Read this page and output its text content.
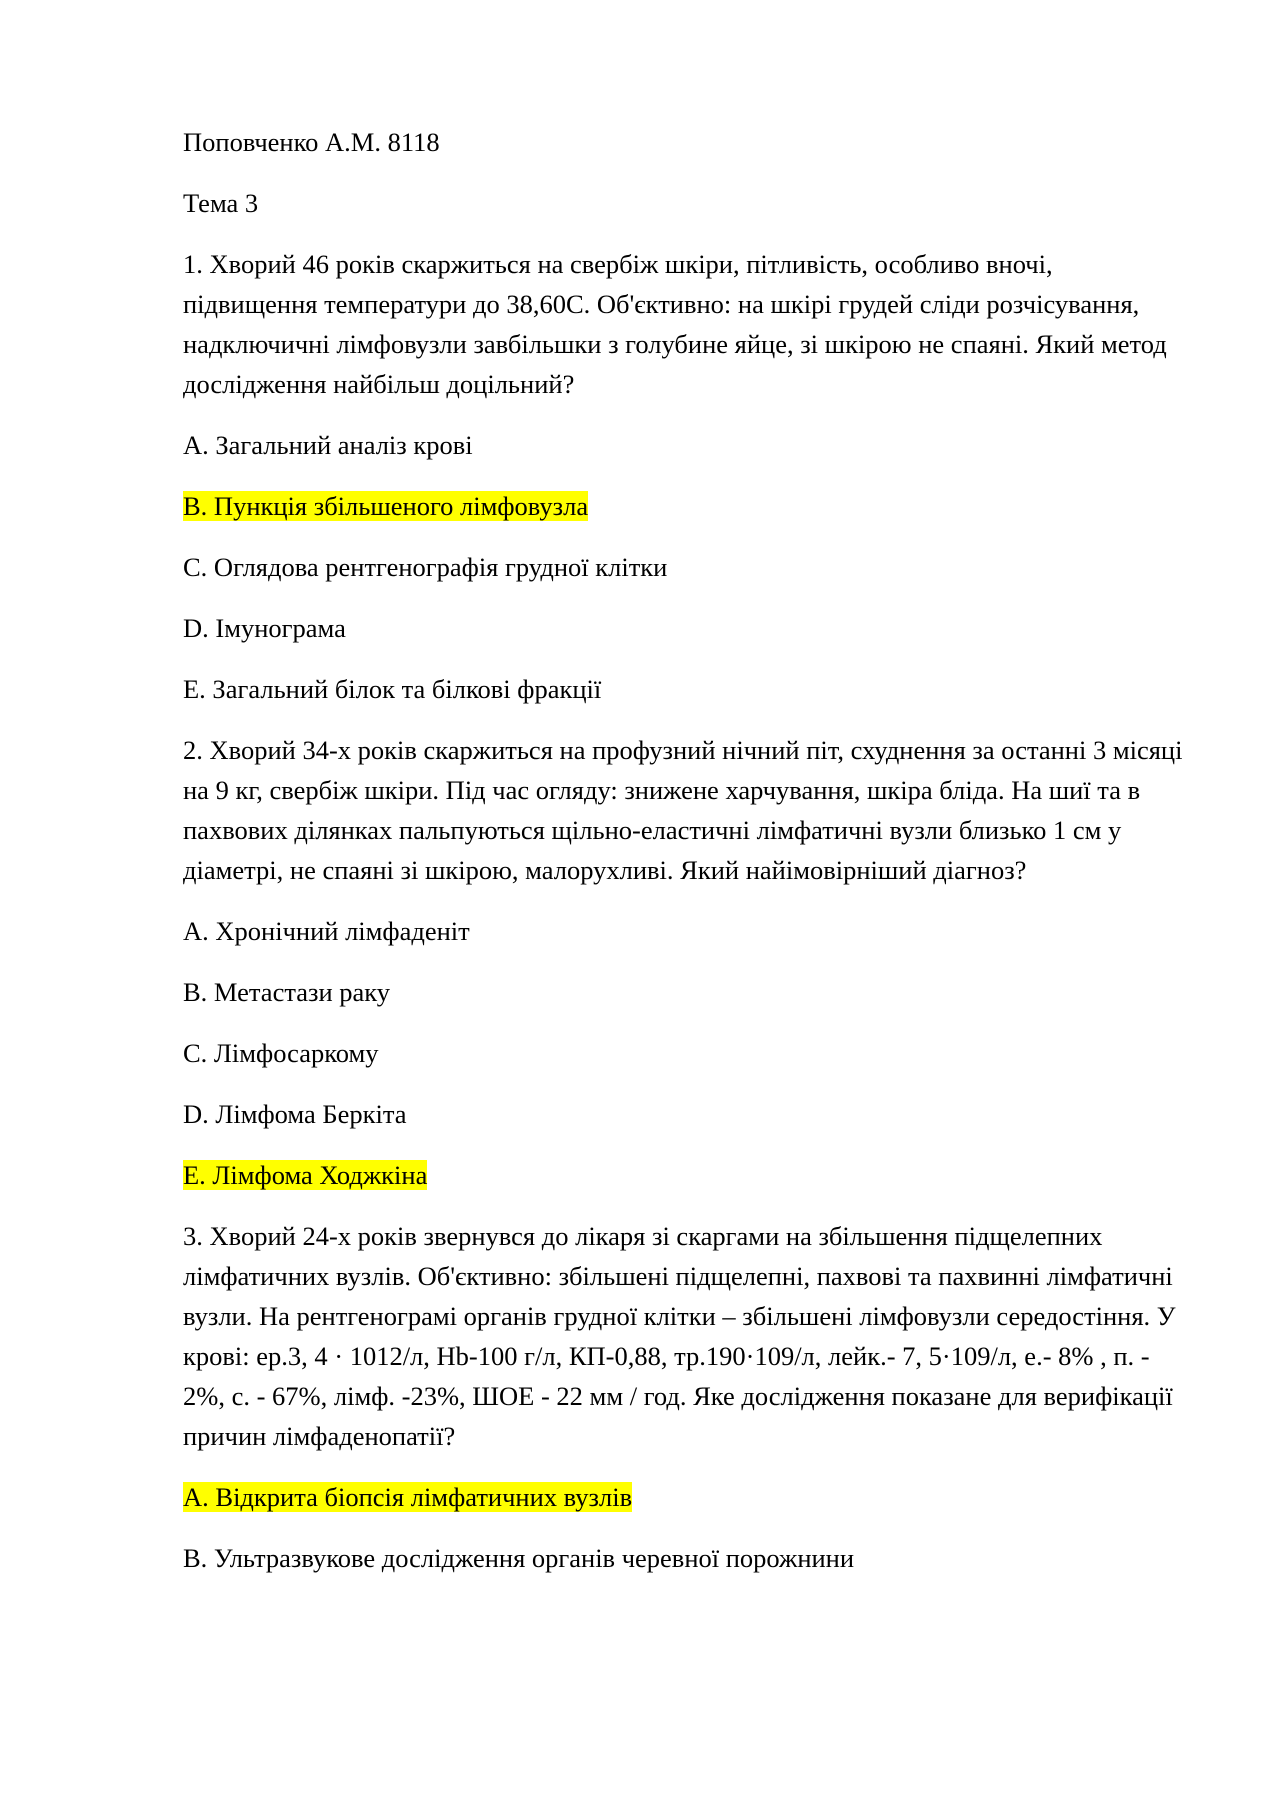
Поповченко А.М. 8118

Тема 3

1. Хворий 46 років скаржиться на свербіж шкіри, пітливість, особливо вночі, підвищення температури до 38,60С. Об'єктивно: на шкірі грудей сліди розчісування, надключичні лімфовузли завбільшки з голубине яйце, зі шкірою не спаяні. Який метод дослідження найбільш доцільний?

А. Загальний аналіз крові

В. Пункція збільшеного лімфовузла

С. Оглядова рентгенографія грудної клітки

D. Імунограма

Е. Загальний білок та білкові фракції

2. Хворий 34-х років скаржиться на профузний нічний піт, схуднення за останні 3 місяці на 9 кг, свербіж шкіри. Під час огляду: знижене харчування, шкіра бліда. На шиї та в пахвових ділянках пальпуються щільно-еластичні лімфатичні вузли близько 1 см у діаметрі, не спаяні зі шкірою, малорухливі. Який найімовірніший діагноз?

А. Хронічний лімфаденіт

В. Метастази раку

С. Лімфосаркому

D. Лімфома Беркіта

Е. Лімфома Ходжкіна

3. Хворий 24-х років звернувся до лікаря зі скаргами на збільшення підщелепних лімфатичних вузлів. Об'єктивно: збільшені підщелепні, пахвові та пахвинні лімфатичні вузли. На рентгенограмі органів грудної клітки – збільшені лімфовузли середостіння. У крові: ер.3, 4 · 1012/л, Hb-100 г/л, КП-0,88, тр.190·109/л, лейк.- 7, 5·109/л, е.- 8% , п. - 2%, с. - 67%, лімф. -23%, ШОЕ - 22 мм / год. Яке дослідження показане для верифікації причин лімфаденопатії?

А. Відкрита біопсія лімфатичних вузлів

В. Ультразвукове дослідження органів черевної порожнини
